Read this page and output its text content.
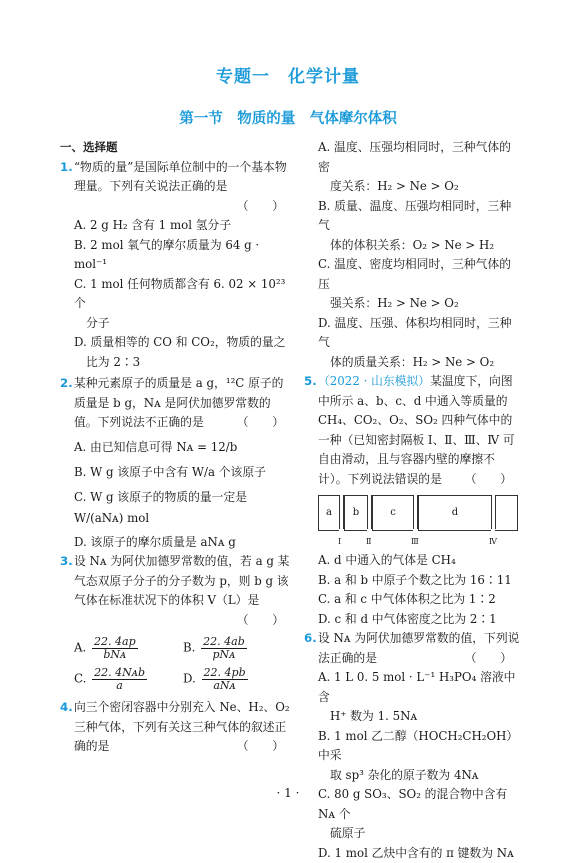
专题一　化学计量
第一节　物质的量　气体摩尔体积
一、选择题
1. “物质的量”是国际单位制中的一个基本物理量。下列有关说法正确的是
（　　）
A. 2 g H₂ 含有 1 mol 氢分子
B. 2 mol 氧气的摩尔质量为 64 g · mol⁻¹
C. 1 mol 任何物质都含有 6. 02 × 10²³ 个
分子
D. 质量相等的 CO 和 CO₂，物质的量之
比为 2∶3
2. 某种元素原子的质量是 a g，¹²C 原子的质量是 b g，Nᴀ 是阿伏加德罗常数的值。下列说法不正确的是	（　　）
A. 由已知信息可得 Nᴀ = 12/b
B. W g 该原子中含有 W/a 个该原子
C. W g 该原子的物质的量一定是 W/(aNᴀ) mol
D. 该原子的摩尔质量是 aNᴀ g
3. 设 Nᴀ 为阿伏加德罗常数的值，若 a g 某气态双原子分子的分子数为 p，则 b g 该气体在标准状况下的体积 V（L）是
（　　）
A. $\frac{22. 4ap}{\text{bNᴀ}}$	B. $\frac{22. 4ab}{\text{pNᴀ}}$
C. $\frac{\text{22. 4Nᴀb}}{a}$	D. $\frac{22. 4pb}{\text{aNᴀ}}$
4. 向三个密闭容器中分别充入 Ne、H₂、O₂ 三种气体，下列有关这三种气体的叙述正确的是	（　　）
A. 温度、压强均相同时，三种气体的密
度关系：H₂ > Ne > O₂
B. 质量、温度、压强均相同时，三种气
体的体积关系：O₂ > Ne > H₂
C. 温度、密度均相同时，三种气体的压
强关系：H₂ > Ne > O₂
D. 温度、压强、体积均相同时，三种气
体的质量关系：H₂ > Ne > O₂
5. （2022 · 山东模拟）某温度下，向图中所示 a、b、c、d 中通入等质量的 CH₄、CO₂、O₂、SO₂ 四种气体中的一种（已知密封隔板 Ⅰ、Ⅱ、Ⅲ、Ⅳ 可自由滑动，且与容器内壁的摩擦不计）。下列说法错误的是 （　　）
a	b	c	d
Ⅰ	Ⅱ	Ⅲ	Ⅳ
A. d 中通入的气体是 CH₄
B. a 和 b 中原子个数之比为 16∶11
C. a 和 c 中气体体积之比为 1∶2
D. c 和 d 中气体密度之比为 2∶1
6. 设 Nᴀ 为阿伏加德罗常数的值，下列说法正确的是	（　　）
A. 1 L 0. 5 mol · L⁻¹ H₃PO₄ 溶液中含
H⁺ 数为 1. 5Nᴀ
B. 1 mol 乙二醇（HOCH₂CH₂OH）中采
取 sp³ 杂化的原子数为 4Nᴀ
C. 80 g SO₃、SO₂ 的混合物中含有 Nᴀ 个
硫原子
D. 1 mol 乙炔中含有的 π 键数为 Nᴀ
· 1 ·
